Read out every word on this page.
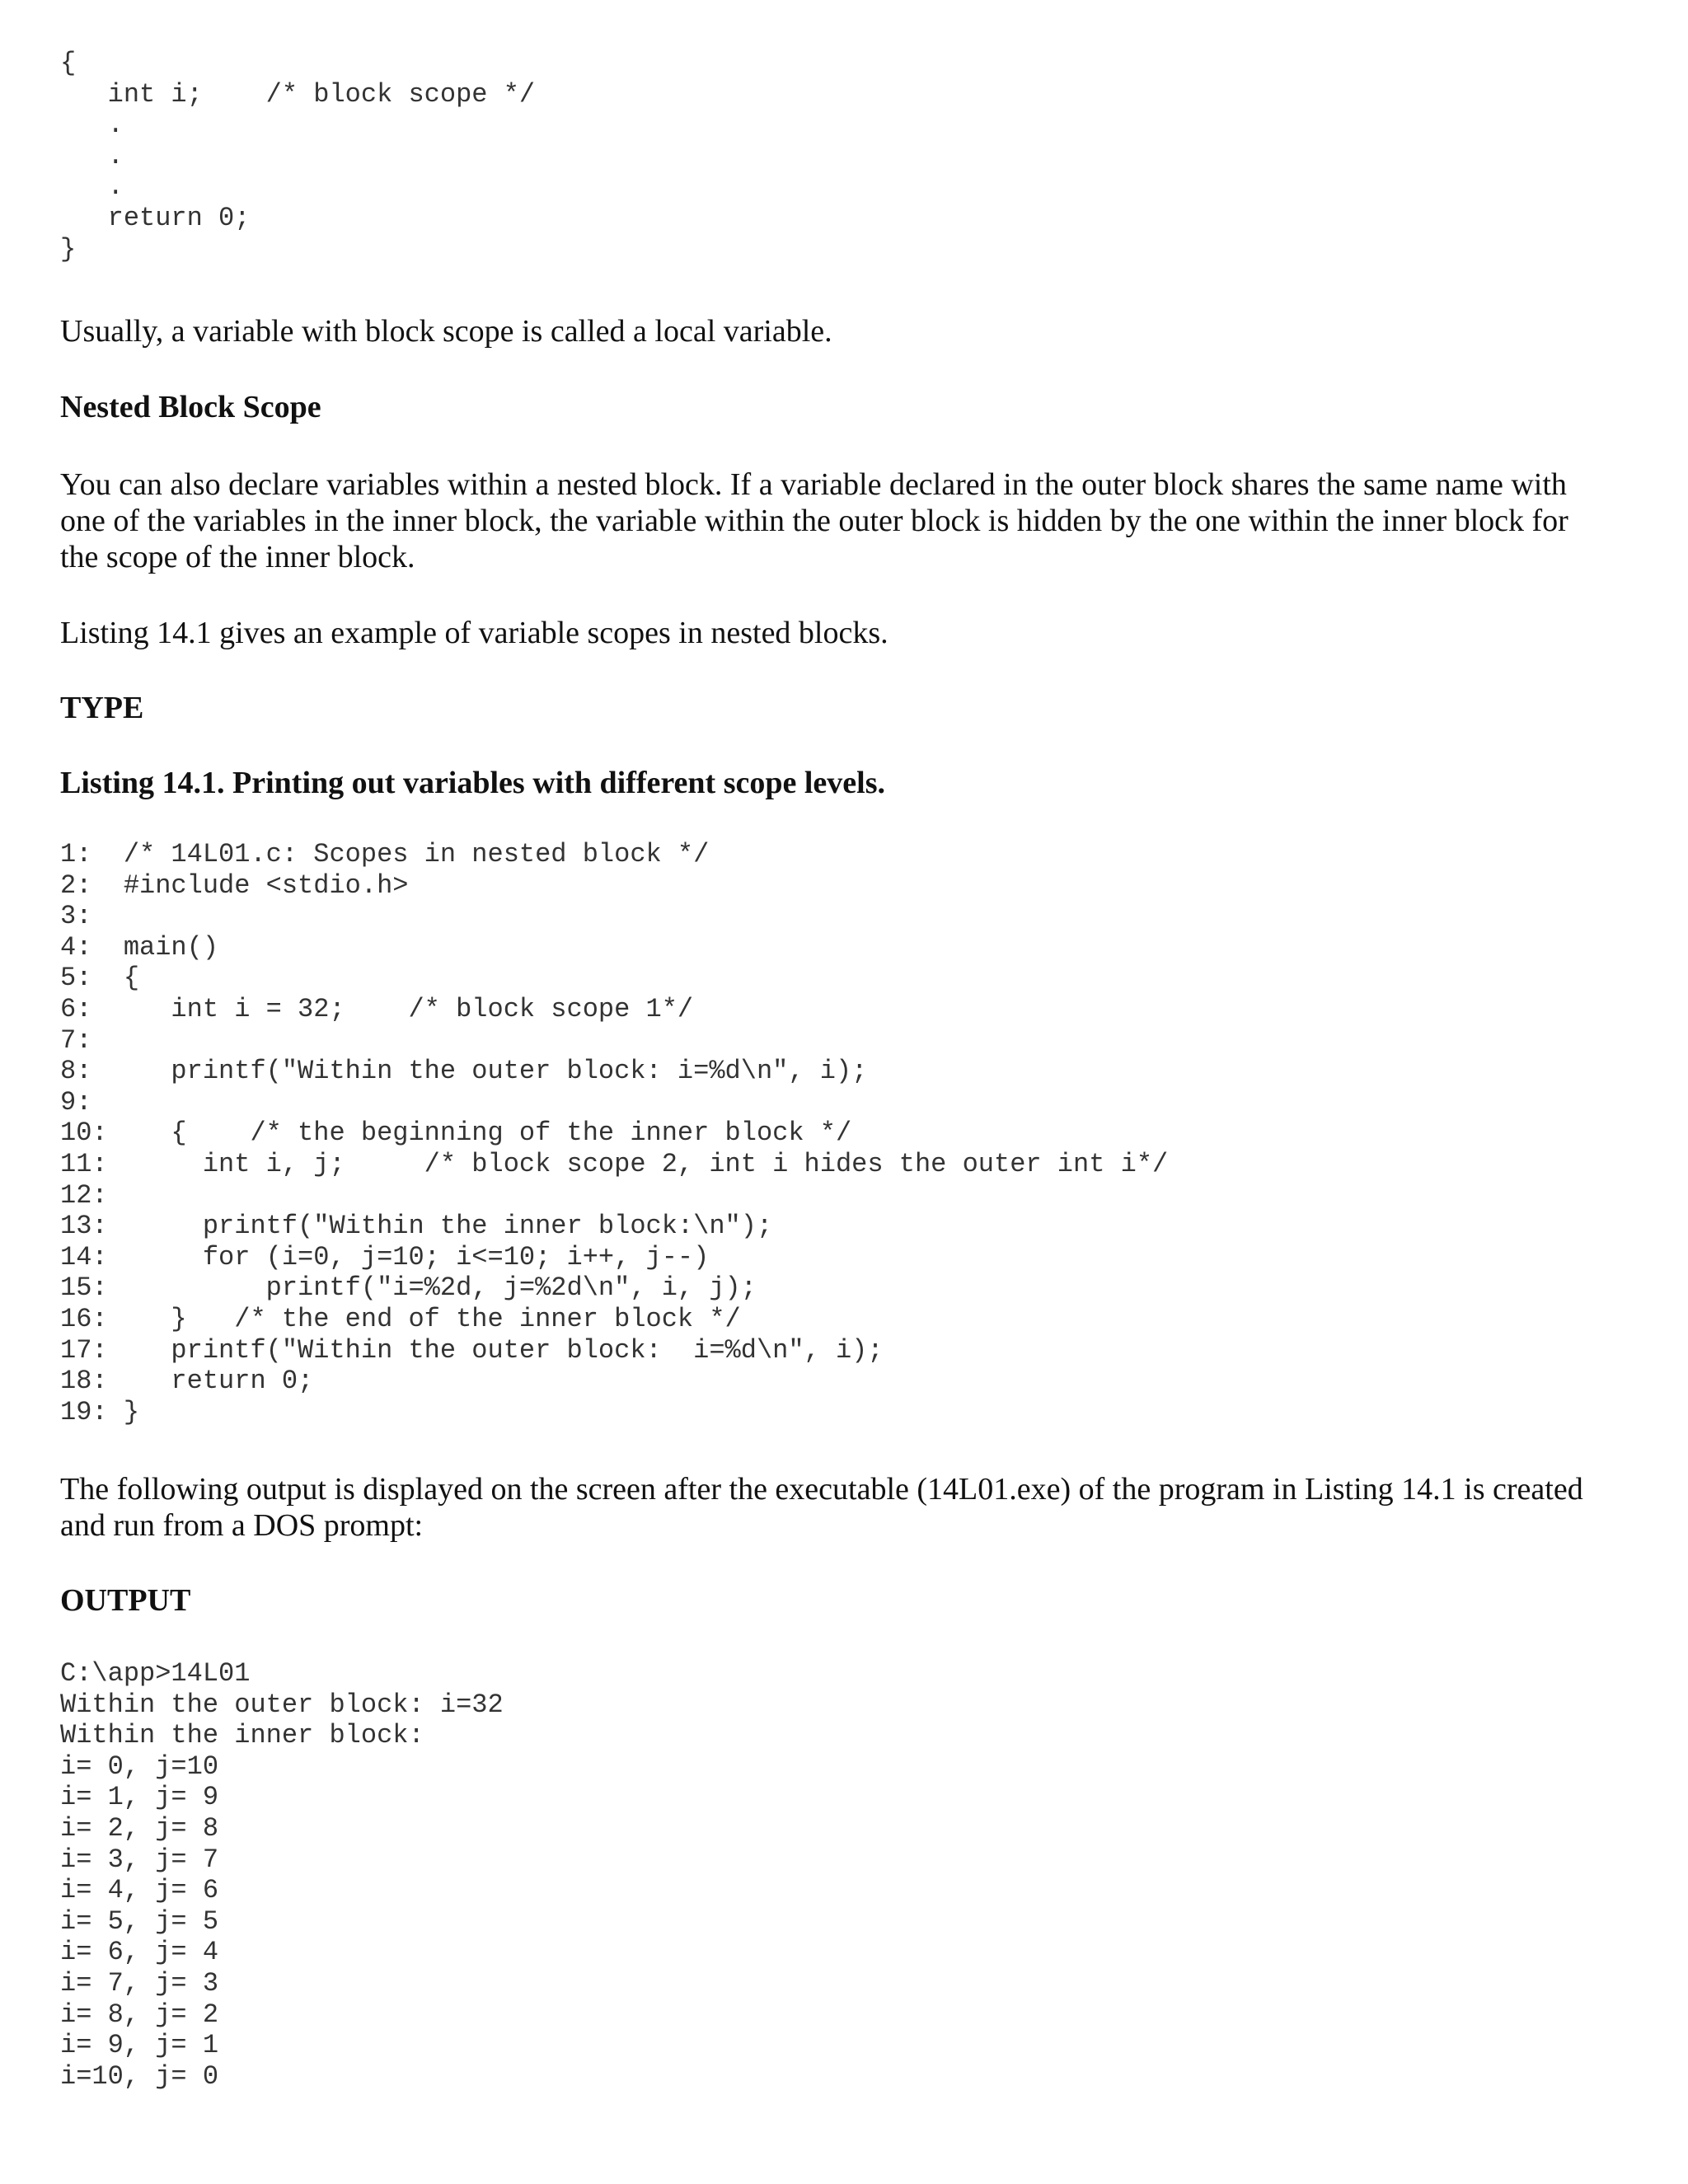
{
int i;    /* block scope */
.
.
.
return 0;
}

Usually, a variable with block scope is called a local variable.

Nested Block Scope

You can also declare variables within a nested block. If a variable declared in the outer block shares the same name with one of the variables in the inner block, the variable within the outer block is hidden by the one within the inner block for the scope of the inner block.

Listing 14.1 gives an example of variable scopes in nested blocks.

TYPE
Listing 14.1. Printing out variables with different scope levels.
1:  /* 14L01.c: Scopes in nested block */
2:  #include <stdio.h>
3:
4:  main()
5:  {
6:     int i = 32;    /* block scope 1*/
7:
8:     printf("Within the outer block: i=%d\n", i);
9:
10:    {    /* the beginning of the inner block */
11:      int i, j;     /* block scope 2, int i hides the outer int i*/
12:
13:      printf("Within the inner block:\n");
14:      for (i=0, j=10; i<=10; i++, j--)
15:          printf("i=%2d, j=%2d\n", i, j);
16:    }   /* the end of the inner block */
17:    printf("Within the outer block:  i=%d\n", i);
18:    return 0;
19: }

The following output is displayed on the screen after the executable (14L01.exe) of the program in Listing 14.1 is created and run from a DOS prompt:

OUTPUT
C:\app>14L01
Within the outer block: i=32
Within the inner block:
i= 0, j=10
i= 1, j= 9
i= 2, j= 8
i= 3, j= 7
i= 4, j= 6
i= 5, j= 5
i= 6, j= 4
i= 7, j= 3
i= 8, j= 2
i= 9, j= 1
i=10, j= 0
